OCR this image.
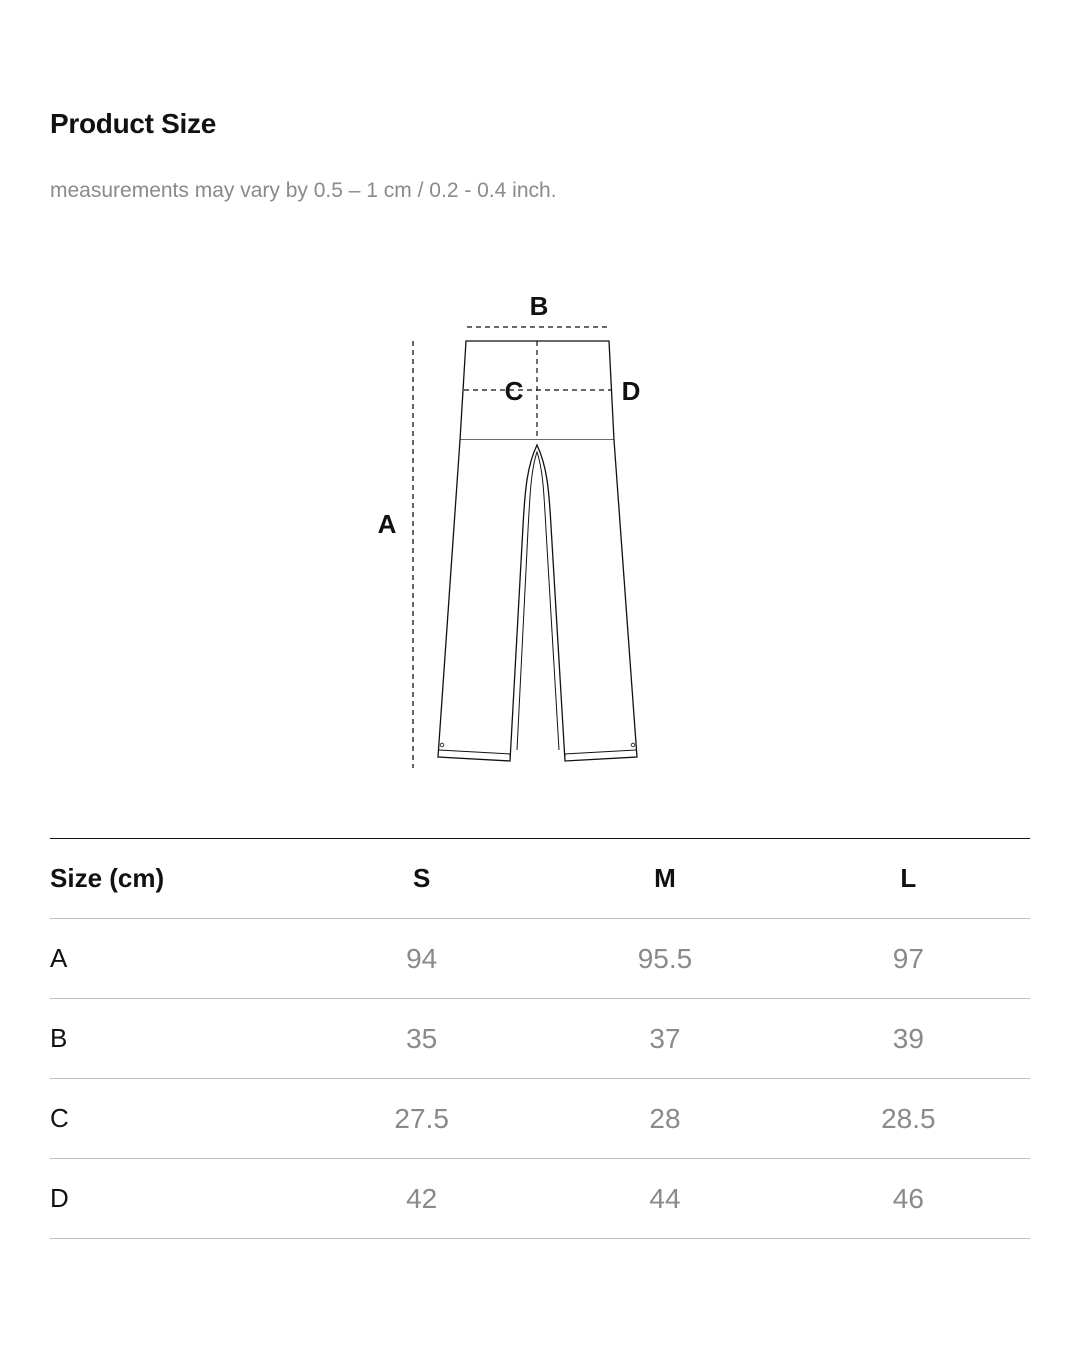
Product Size

measurements may vary by 0.5 – 1 cm / 0.2 - 0.4 inch.

A
B
C	D
Size (cm)	S	M	L
A	94	95.5	97
B	35	37	39
C	27.5	28	28.5
D	42	44	46
